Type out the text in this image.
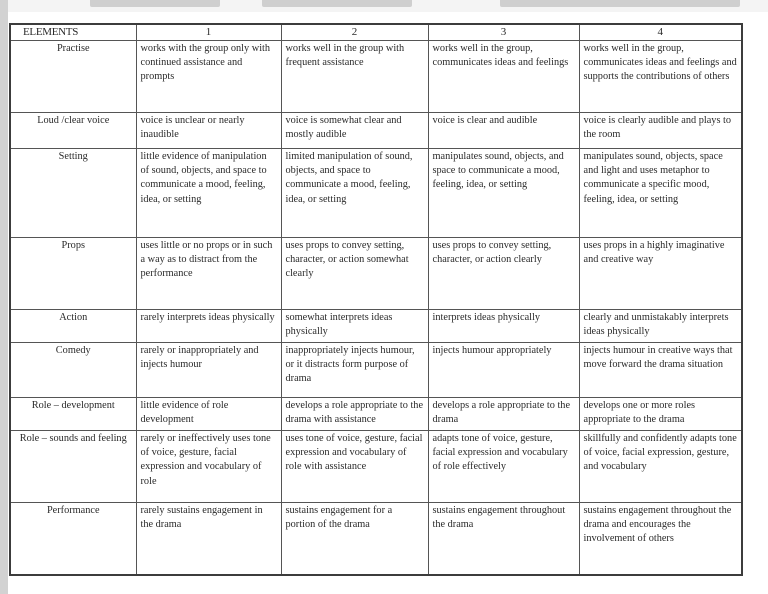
ELEMENTS	1	2	3	4
Practise	works with the group only with continued assistance and prompts	works well in the group with frequent assistance	works well in the group, communicates ideas and feelings	works well in the group, communicates ideas and feelings and supports the contributions of others
Loud /clear voice	voice is unclear or nearly inaudible	voice is somewhat clear and mostly audible	voice is clear and audible	voice is clearly audible and plays to the room
Setting	little evidence of manipulation of sound, objects, and space to communicate a mood, feeling, idea, or setting	limited manipulation of sound, objects, and space to communicate a mood, feeling, idea, or setting	manipulates sound, objects, and space to communicate a mood, feeling, idea, or setting	manipulates sound, objects, space and light and uses metaphor to communicate a specific mood, feeling, idea, or setting
Props	uses little or no props or in such a way as to distract from the performance	uses props to convey setting, character, or action somewhat clearly	uses props to convey setting, character, or action clearly	uses props in a highly imaginative and creative way
Action	rarely interprets ideas physically	somewhat interprets ideas physically	interprets ideas physically	clearly and unmistakably interprets ideas physically
Comedy	rarely or inappropriately and injects humour	inappropriately injects humour, or it distracts form purpose of drama	injects humour appropriately	injects humour in creative ways that move forward the drama situation
Role – development	little evidence of role development	develops a role appropriate to the drama with assistance	develops a role appropriate to the drama	develops one or more roles appropriate to the drama
Role – sounds and feeling	rarely or ineffectively uses tone of voice, gesture, facial expression and vocabulary of role	uses tone of voice, gesture, facial expression and vocabulary of role with assistance	adapts tone of voice, gesture, facial expression and vocabulary of role effectively	skillfully and confidently adapts tone of voice, facial expression, gesture, and vocabulary
Performance	rarely sustains engagement in the drama	sustains engagement for a portion of the drama	sustains engagement throughout the drama	sustains engagement throughout the drama and encourages the involvement of others
